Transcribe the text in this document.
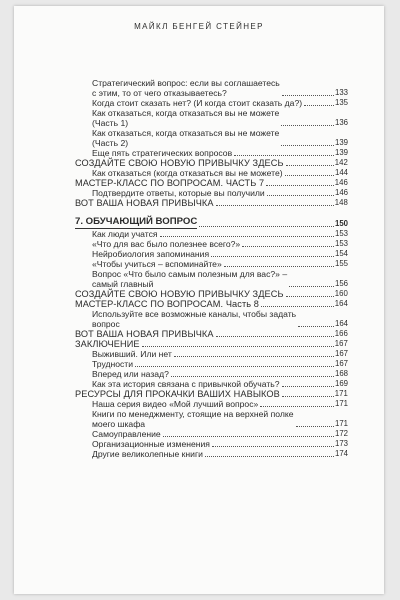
МАЙКЛ БЕНГЕЙ СТЕЙНЕР
Стратегический вопрос: если вы соглашаетесь
с этим, то от чего отказываетесь?	133
Когда стоит сказать нет? (И когда стоит сказать да?)	135
Как отказаться, когда отказаться вы не можете
(Часть 1)	136
Как отказаться, когда отказаться вы не можете
(Часть 2)	139
Еще пять стратегических вопросов	139
СОЗДАЙТЕ СВОЮ НОВУЮ ПРИВЫЧКУ ЗДЕСЬ	142
Как отказаться (когда отказаться вы не можете)	144
МАСТЕР-КЛАСС ПО ВОПРОСАМ. ЧАСТЬ 7	146
Подтвердите ответы, которые вы получили	146
ВОТ ВАША НОВАЯ ПРИВЫЧКА	148
7. ОБУЧАЮЩИЙ ВОПРОС	150
Как люди учатся	153
«Что для вас было полезнее всего?»	153
Нейробиология запоминания	154
«Чтобы учиться – вспоминайте»	155
Вопрос «Что было самым полезным для вас?» –
самый главный	156
СОЗДАЙТЕ СВОЮ НОВУЮ ПРИВЫЧКУ ЗДЕСЬ	160
МАСТЕР-КЛАСС ПО ВОПРОСАМ. Часть 8	164
Используйте все возможные каналы, чтобы задать
вопрос	164
ВОТ ВАША НОВАЯ ПРИВЫЧКА	166
ЗАКЛЮЧЕНИЕ	167
Выживший. Или нет	167
Трудности	167
Вперед или назад?	168
Как эта история связана с привычкой обучать?	169
РЕСУРСЫ ДЛЯ ПРОКАЧКИ ВАШИХ НАВЫКОВ	171
Наша серия видео «Мой лучший вопрос»	171
Книги по менеджменту, стоящие на верхней полке
моего шкафа	171
Самоуправление	172
Организационные изменения	173
Другие великолепные книги	174
